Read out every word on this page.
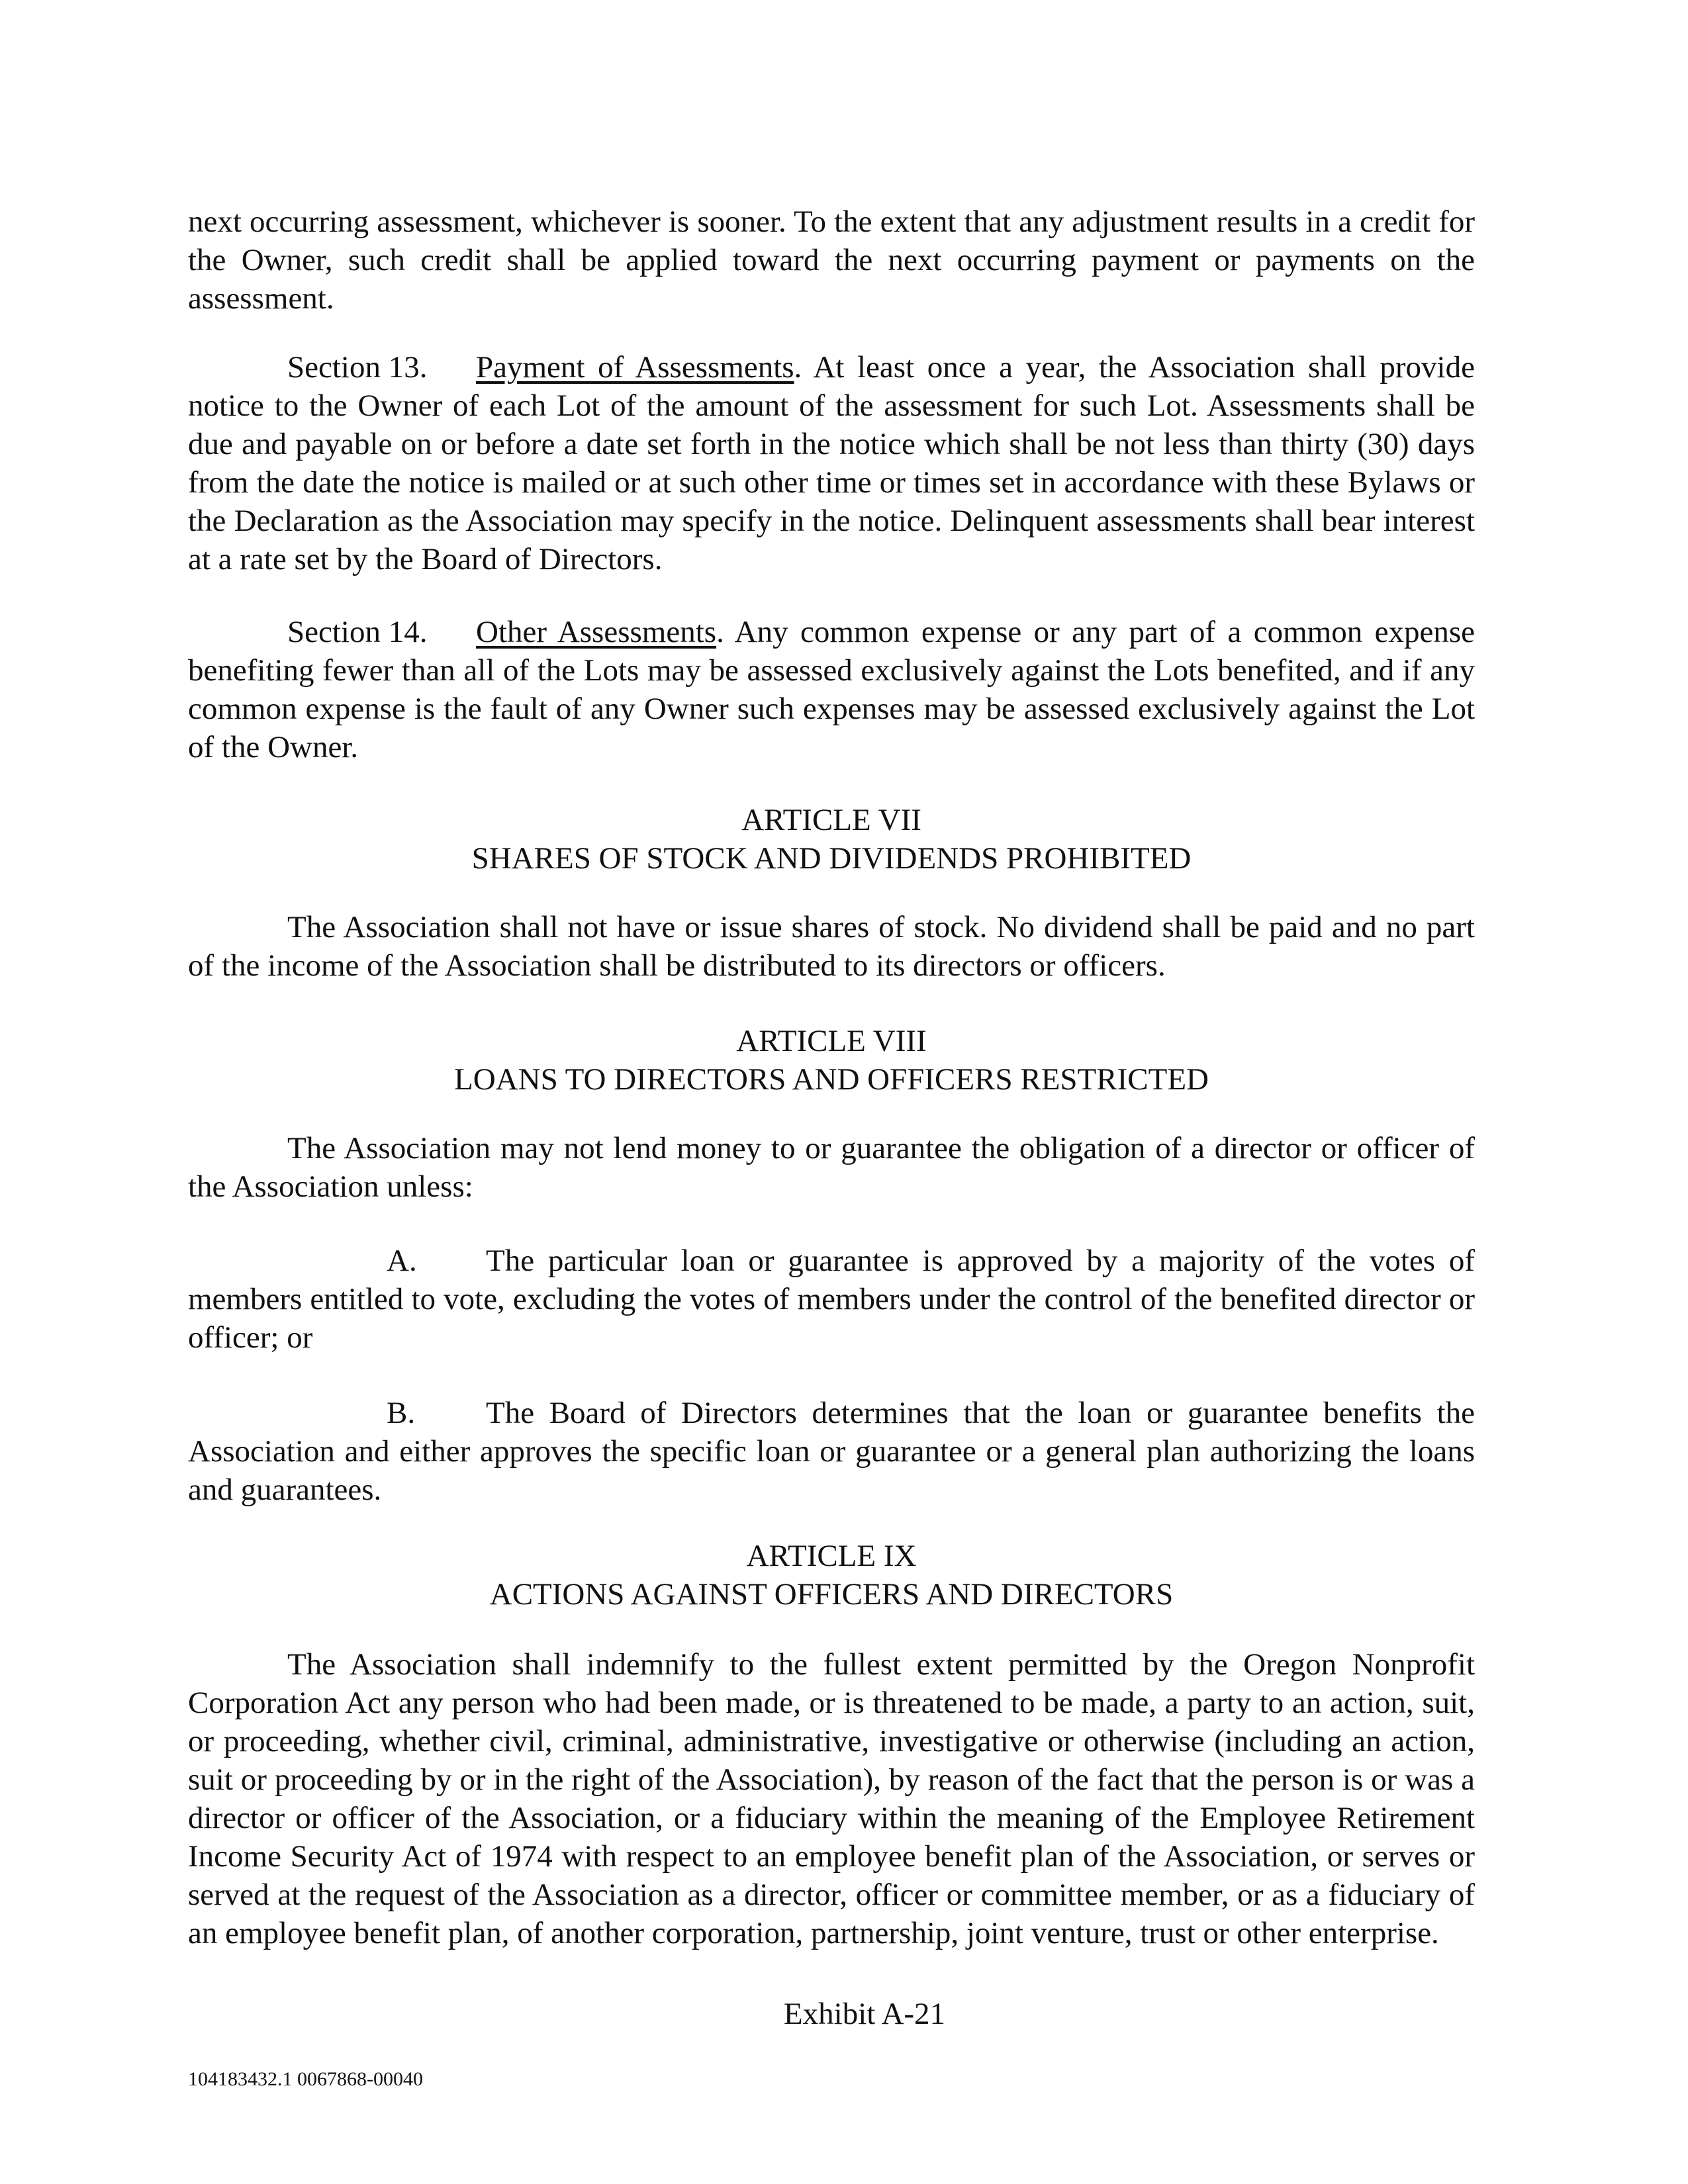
next occurring assessment, whichever is sooner. To the extent that any adjustment results in a credit for the Owner, such credit shall be applied toward the next occurring payment or payments on the assessment.

Section 13. Payment of Assessments. At least once a year, the Association shall provide notice to the Owner of each Lot of the amount of the assessment for such Lot. Assessments shall be due and payable on or before a date set forth in the notice which shall be not less than thirty (30) days from the date the notice is mailed or at such other time or times set in accordance with these Bylaws or the Declaration as the Association may specify in the notice. Delinquent assessments shall bear interest at a rate set by the Board of Directors.

Section 14. Other Assessments. Any common expense or any part of a common expense benefiting fewer than all of the Lots may be assessed exclusively against the Lots benefited, and if any common expense is the fault of any Owner such expenses may be assessed exclusively against the Lot of the Owner.

ARTICLE VII

SHARES OF STOCK AND DIVIDENDS PROHIBITED

The Association shall not have or issue shares of stock. No dividend shall be paid and no part of the income of the Association shall be distributed to its directors or officers.

ARTICLE VIII

LOANS TO DIRECTORS AND OFFICERS RESTRICTED

The Association may not lend money to or guarantee the obligation of a director or officer of the Association unless:

A. The particular loan or guarantee is approved by a majority of the votes of members entitled to vote, excluding the votes of members under the control of the benefited director or officer; or

B. The Board of Directors determines that the loan or guarantee benefits the Association and either approves the specific loan or guarantee or a general plan authorizing the loans and guarantees.

ARTICLE IX

ACTIONS AGAINST OFFICERS AND DIRECTORS

The Association shall indemnify to the fullest extent permitted by the Oregon Nonprofit Corporation Act any person who had been made, or is threatened to be made, a party to an action, suit, or proceeding, whether civil, criminal, administrative, investigative or otherwise (including an action, suit or proceeding by or in the right of the Association), by reason of the fact that the person is or was a director or officer of the Association, or a fiduciary within the meaning of the Employee Retirement Income Security Act of 1974 with respect to an employee benefit plan of the Association, or serves or served at the request of the Association as a director, officer or committee member, or as a fiduciary of an employee benefit plan, of another corporation, partnership, joint venture, trust or other enterprise.

Exhibit A-21
104183432.1 0067868-00040
